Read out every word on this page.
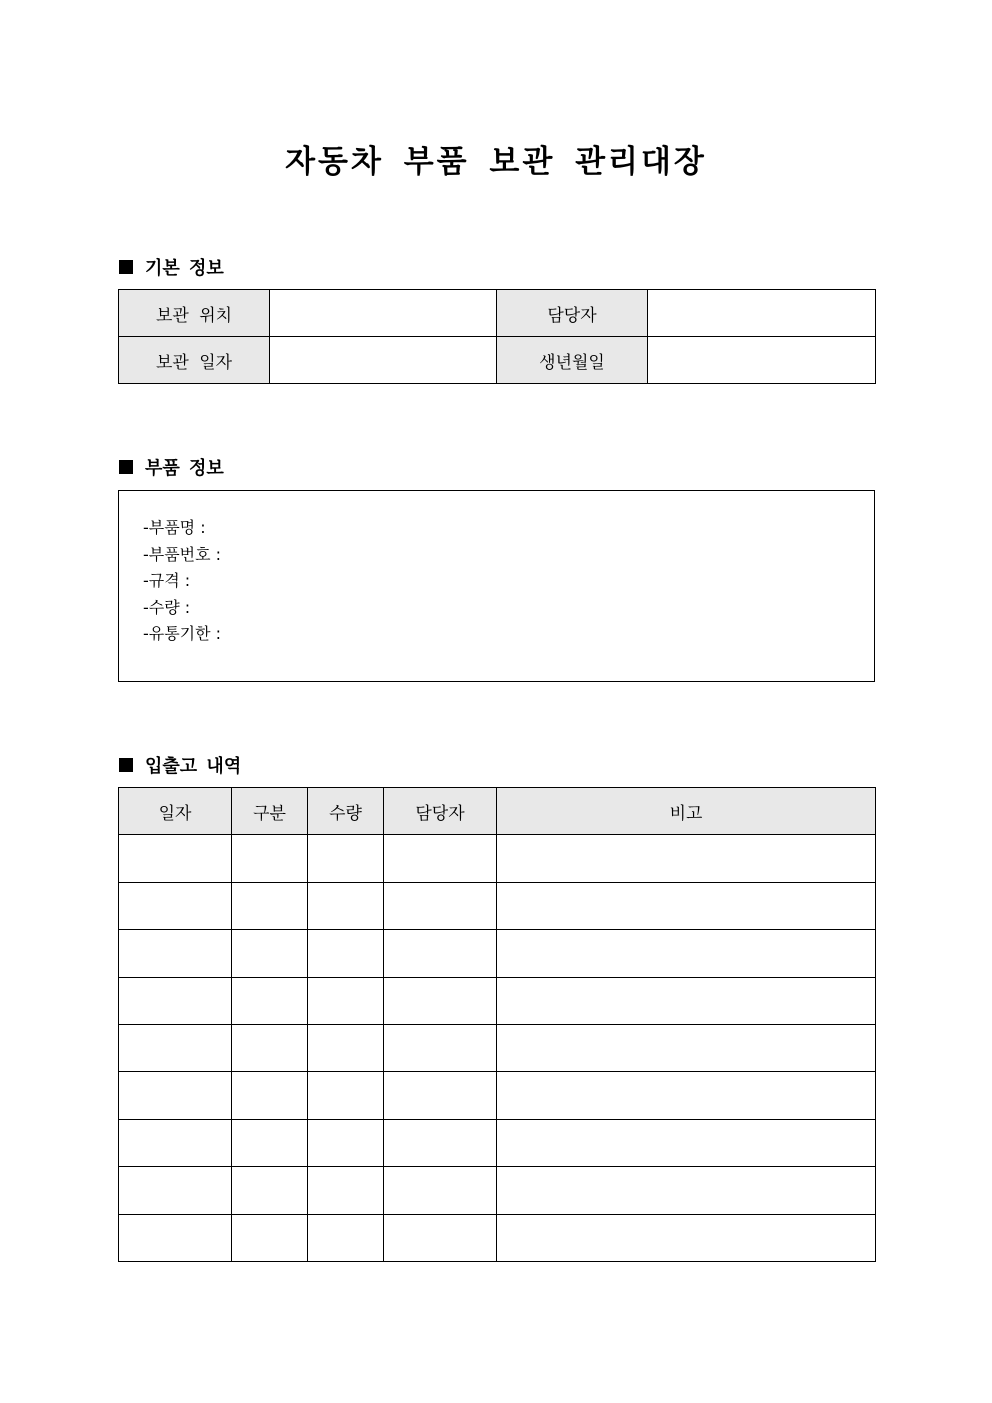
자동차 부품 보관 관리대장
기본 정보
보관 위치		담당자	
보관 일자		생년월일	
부품 정보
-부품명 :
-부품번호 :
-규격 :
-수량 :
-유통기한 :
입출고 내역
일자	구분	수량	담당자	비고
